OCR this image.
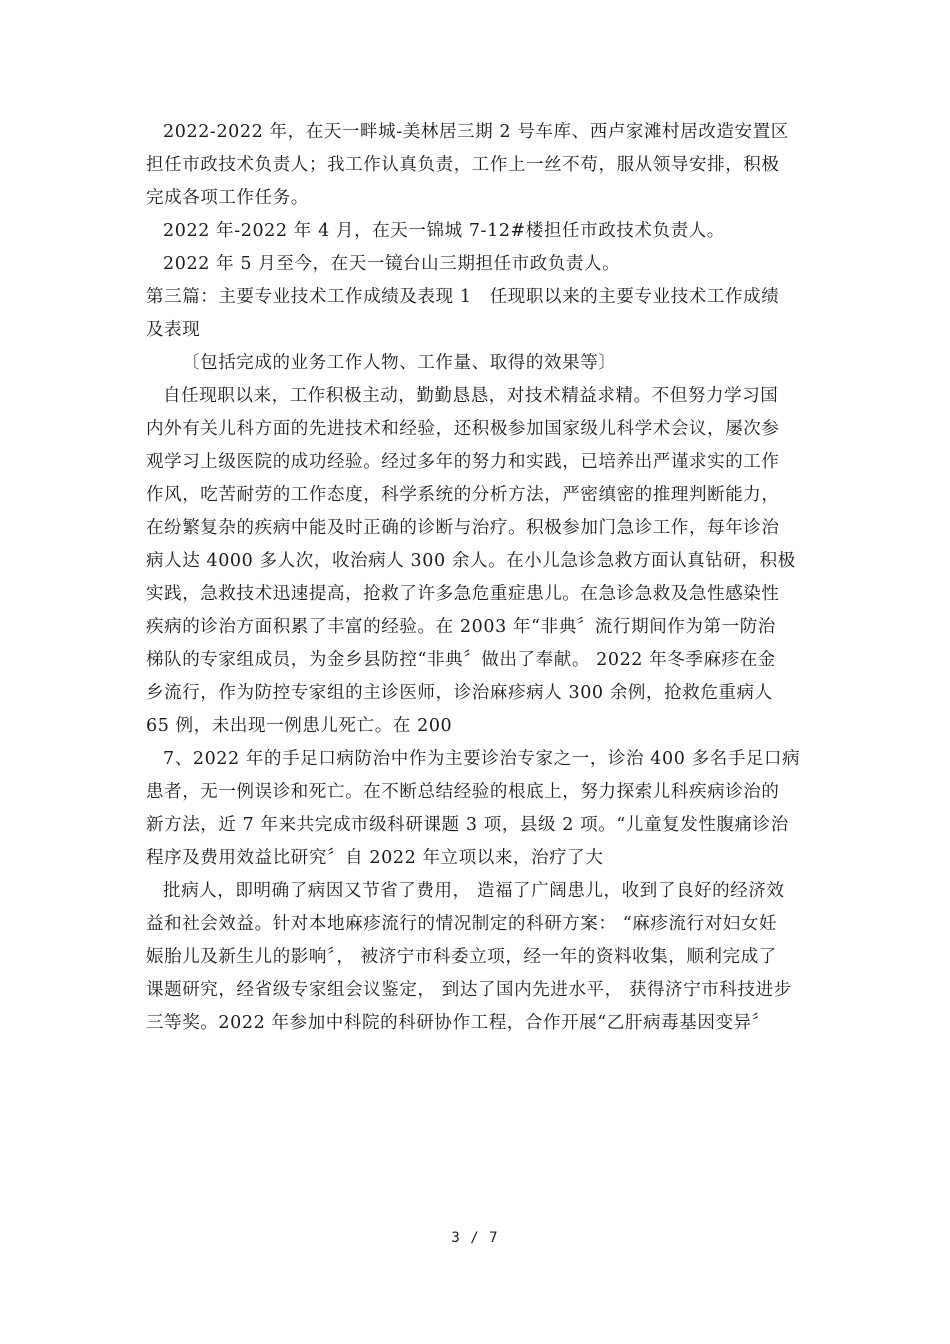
2022-2022 年，在天一畔城-美林居三期 2 号车库、西卢家滩村居改造安置区
担任市政技术负责人；我工作认真负责，工作上一丝不苟，服从领导安排，积极
完成各项工作任务。

2022 年-2022 年 4 月，在天一锦城 7-12#楼担任市政技术负责人。

2022 年 5 月至今，在天一镜台山三期担任市政负责人。

第三篇：主要专业技术工作成绩及表现 1　任现职以来的主要专业技术工作成绩
及表现

〔包括完成的业务工作人物、工作量、取得的效果等〕

自任现职以来，工作积极主动，勤勤恳恳，对技术精益求精。不但努力学习国
内外有关儿科方面的先进技术和经验，还积极参加国家级儿科学术会议，屡次参
观学习上级医院的成功经验。经过多年的努力和实践，已培养出严谨求实的工作
作风，吃苦耐劳的工作态度，科学系统的分析方法，严密缜密的推理判断能力，
在纷繁复杂的疾病中能及时正确的诊断与治疗。积极参加门急诊工作，每年诊治
病人达 4000 多人次，收治病人 300 余人。在小儿急诊急救方面认真钻研，积极
实践，急救技术迅速提高，抢救了许多急危重症患儿。在急诊急救及急性感染性
疾病的诊治方面积累了丰富的经验。在 2003 年“非典〞流行期间作为第一防治
梯队的专家组成员，为金乡县防控“非典〞做出了奉献。 2022 年冬季麻疹在金
乡流行，作为防控专家组的主诊医师，诊治麻疹病人 300 余例，抢救危重病人
65 例，未出现一例患儿死亡。在 200

7、2022 年的手足口病防治中作为主要诊治专家之一，诊治 400 多名手足口病
患者，无一例误诊和死亡。在不断总结经验的根底上，努力探索儿科疾病诊治的
新方法，近 7 年来共完成市级科研课题 3 项，县级 2 项。“儿童复发性腹痛诊治
程序及费用效益比研究〞自 2022 年立项以来，治疗了大

批病人，即明确了病因又节省了费用， 造福了广阔患儿，收到了良好的经济效
益和社会效益。针对本地麻疹流行的情况制定的科研方案： “麻疹流行对妇女妊
娠胎儿及新生儿的影响〞， 被济宁市科委立项，经一年的资料收集，顺利完成了
课题研究，经省级专家组会议鉴定， 到达了国内先进水平， 获得济宁市科技进步
三等奖。2022 年参加中科院的科研协作工程，合作开展“乙肝病毒基因变异〞

3 / 7
